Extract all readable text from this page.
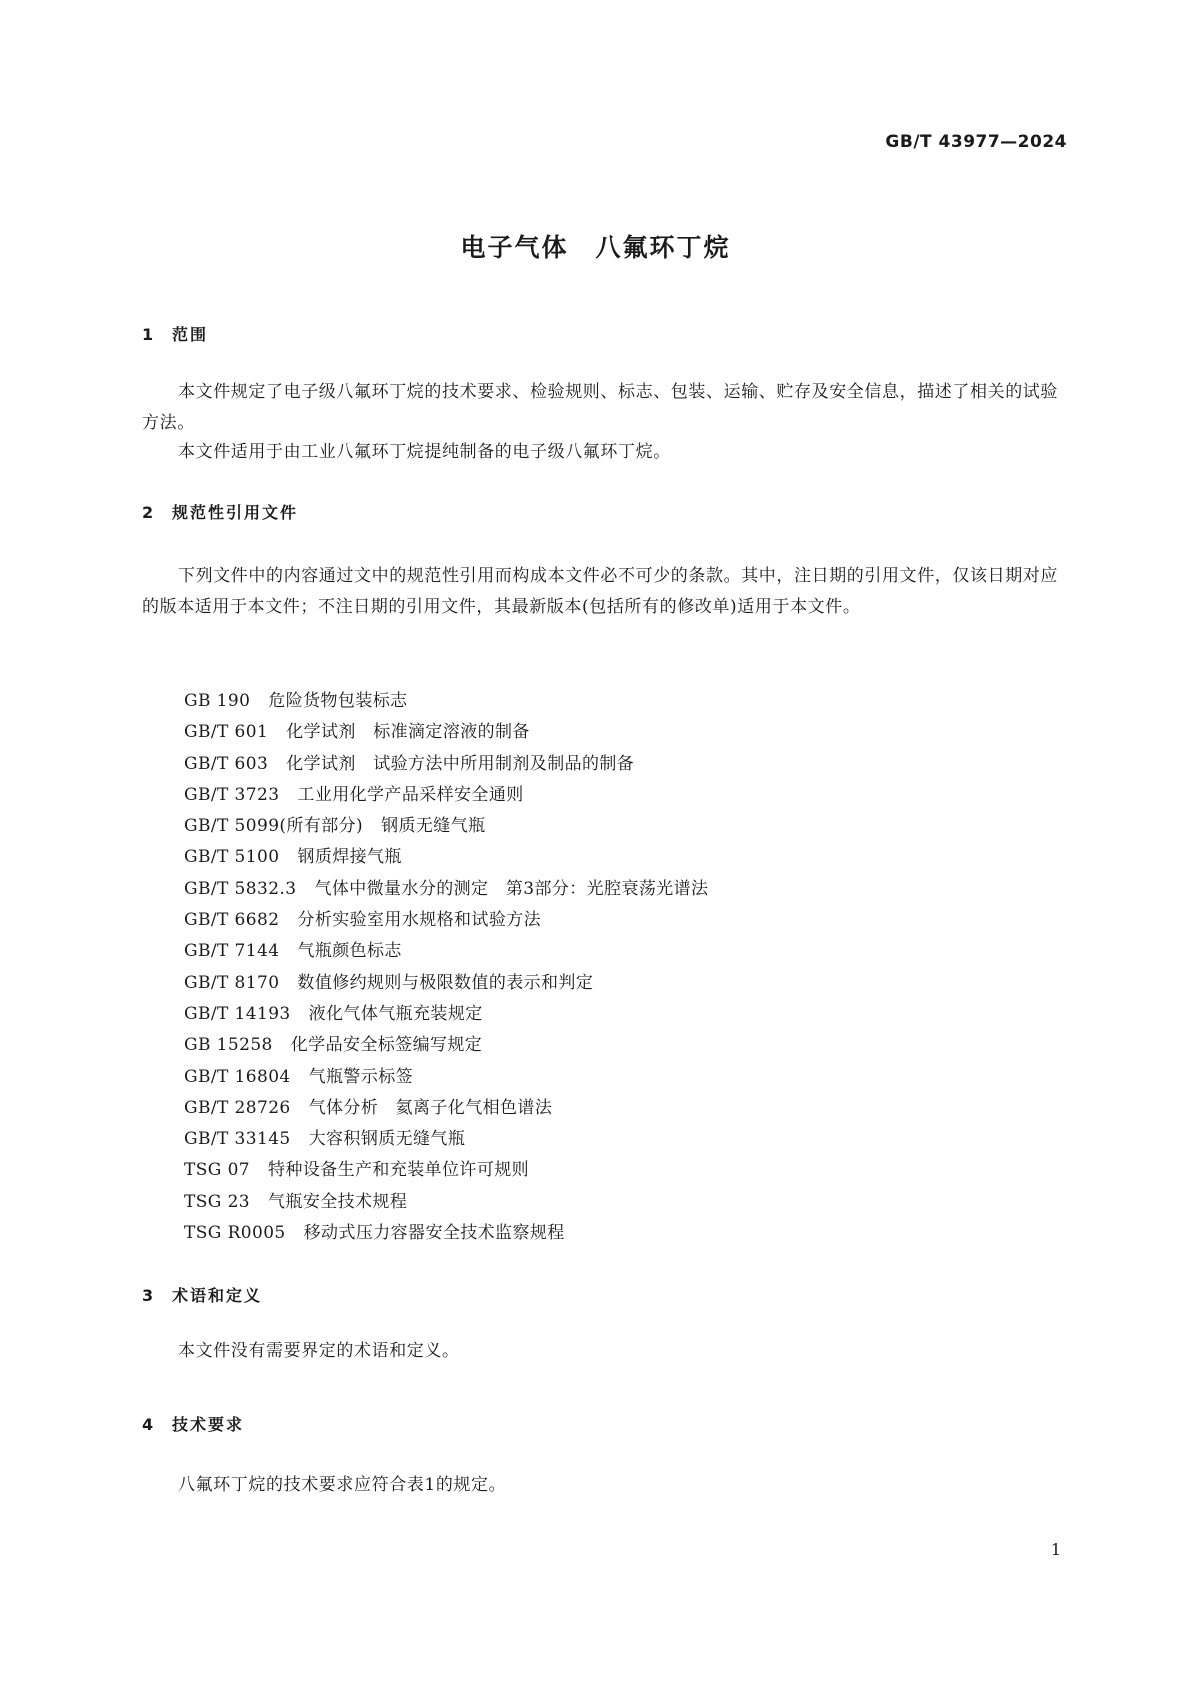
GB/T 43977—2024
电子气体　八氟环丁烷
1 范围

本文件规定了电子级八氟环丁烷的技术要求、检验规则、标志、包装、运输、贮存及安全信息，描述了相关的试验方法。

本文件适用于由工业八氟环丁烷提纯制备的电子级八氟环丁烷。

2 规范性引用文件

下列文件中的内容通过文中的规范性引用而构成本文件必不可少的条款。其中，注日期的引用文件，仅该日期对应的版本适用于本文件；不注日期的引用文件，其最新版本(包括所有的修改单)适用于本文件。

GB 190 危险货物包装标志
GB/T 601 化学试剂　标准滴定溶液的制备
GB/T 603 化学试剂　试验方法中所用制剂及制品的制备
GB/T 3723 工业用化学产品采样安全通则
GB/T 5099(所有部分) 钢质无缝气瓶
GB/T 5100 钢质焊接气瓶
GB/T 5832.3 气体中微量水分的测定　第3部分：光腔衰荡光谱法
GB/T 6682 分析实验室用水规格和试验方法
GB/T 7144 气瓶颜色标志
GB/T 8170 数值修约规则与极限数值的表示和判定
GB/T 14193 液化气体气瓶充装规定
GB 15258 化学品安全标签编写规定
GB/T 16804 气瓶警示标签
GB/T 28726 气体分析　氦离子化气相色谱法
GB/T 33145 大容积钢质无缝气瓶
TSG 07 特种设备生产和充装单位许可规则
TSG 23 气瓶安全技术规程
TSG R0005 移动式压力容器安全技术监察规程
3 术语和定义

本文件没有需要界定的术语和定义。

4 技术要求

八氟环丁烷的技术要求应符合表1的规定。

1
